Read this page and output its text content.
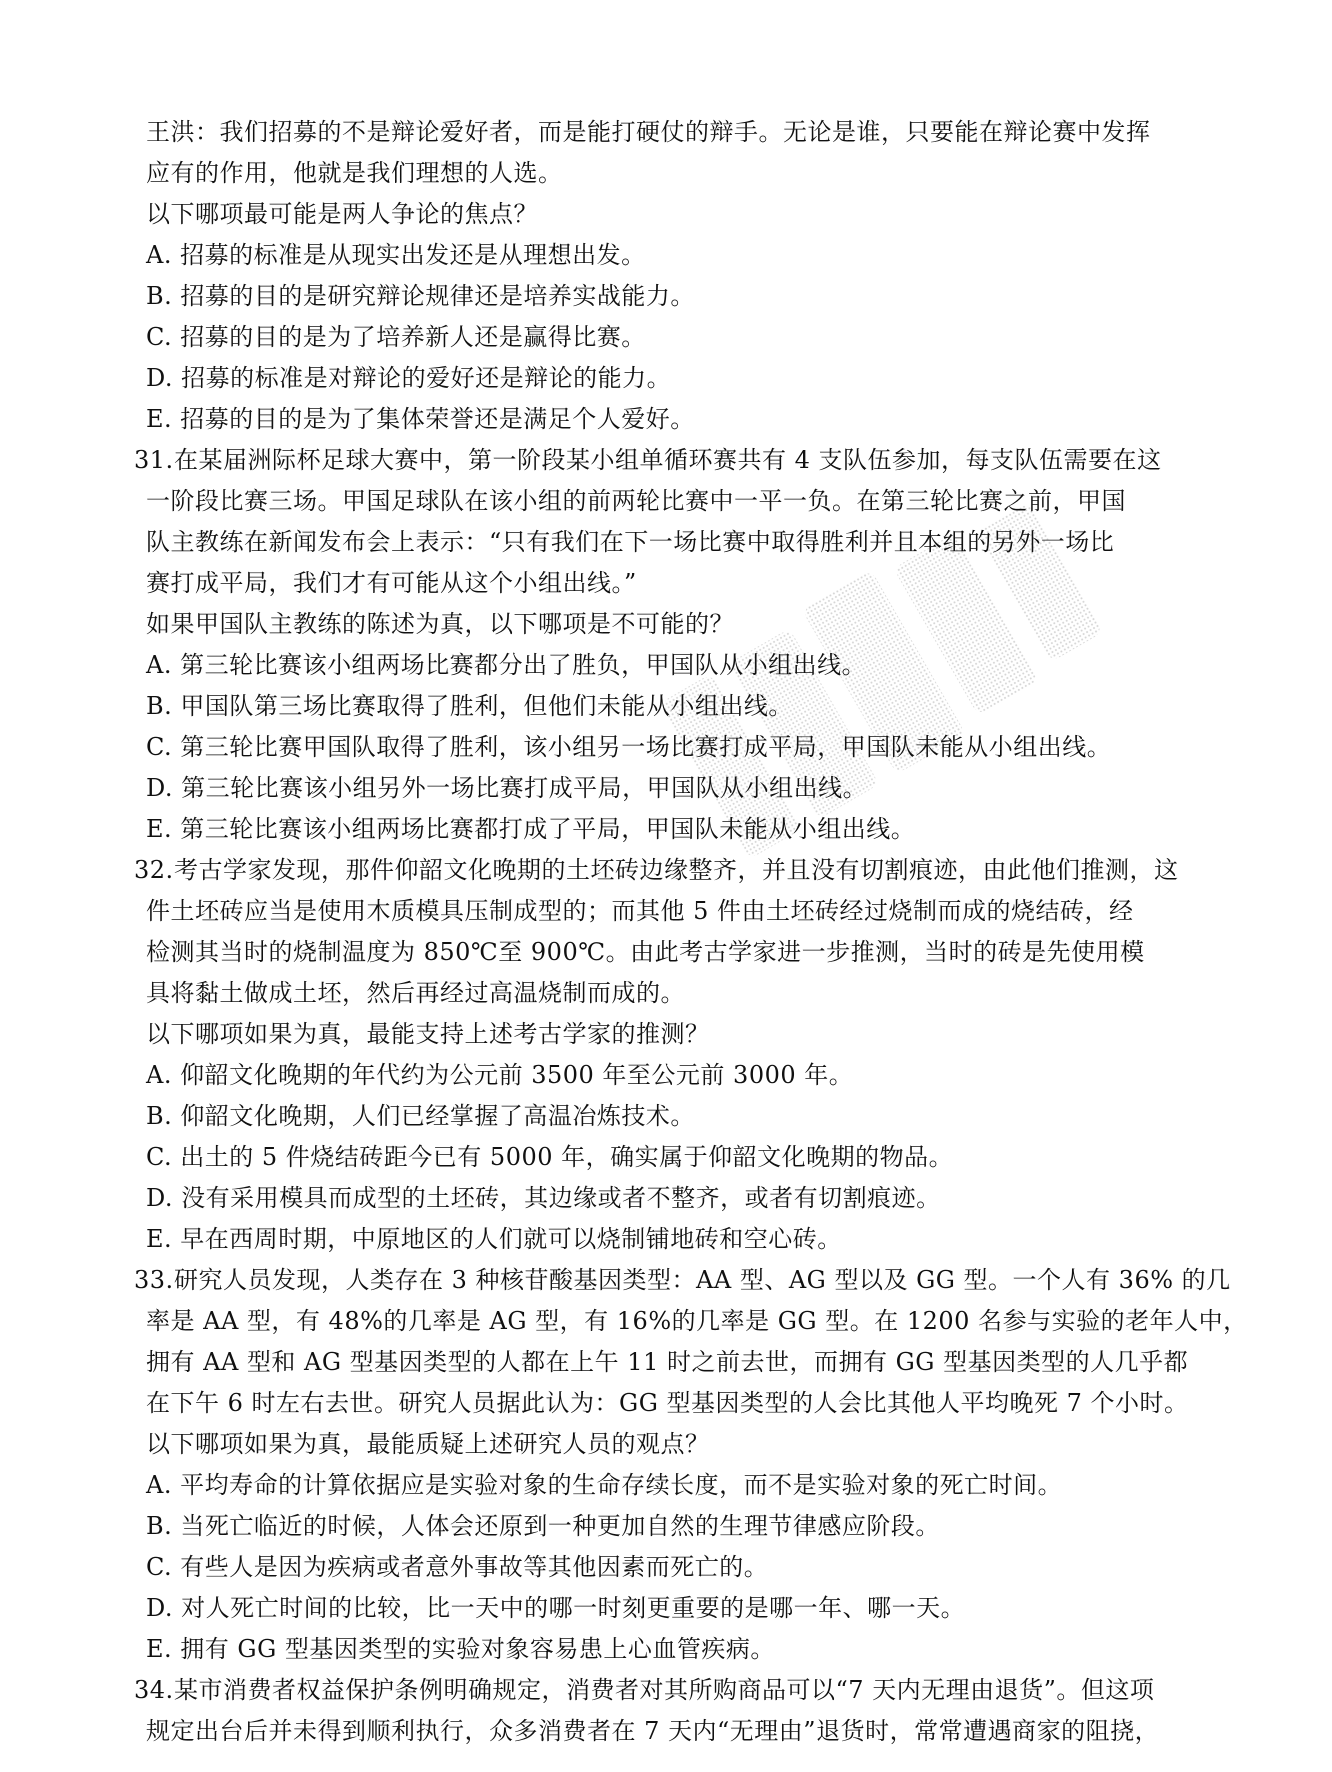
王洪：我们招募的不是辩论爱好者，而是能打硬仗的辩手。无论是谁，只要能在辩论赛中发挥
应有的作用，他就是我们理想的人选。
以下哪项最可能是两人争论的焦点？
A. 招募的标准是从现实出发还是从理想出发。
B. 招募的目的是研究辩论规律还是培养实战能力。
C. 招募的目的是为了培养新人还是赢得比赛。
D. 招募的标准是对辩论的爱好还是辩论的能力。
E. 招募的目的是为了集体荣誉还是满足个人爱好。
31. 在某届洲际杯足球大赛中，第一阶段某小组单循环赛共有 4 支队伍参加，每支队伍需要在这
一阶段比赛三场。甲国足球队在该小组的前两轮比赛中一平一负。在第三轮比赛之前，甲国
队主教练在新闻发布会上表示：“只有我们在下一场比赛中取得胜利并且本组的另外一场比
赛打成平局，我们才有可能从这个小组出线。”
如果甲国队主教练的陈述为真，以下哪项是不可能的？
A. 第三轮比赛该小组两场比赛都分出了胜负，甲国队从小组出线。
B. 甲国队第三场比赛取得了胜利，但他们未能从小组出线。
C. 第三轮比赛甲国队取得了胜利，该小组另一场比赛打成平局，甲国队未能从小组出线。
D. 第三轮比赛该小组另外一场比赛打成平局，甲国队从小组出线。
E. 第三轮比赛该小组两场比赛都打成了平局，甲国队未能从小组出线。
32. 考古学家发现，那件仰韶文化晚期的土坯砖边缘整齐，并且没有切割痕迹，由此他们推测，这
件土坯砖应当是使用木质模具压制成型的；而其他 5 件由土坯砖经过烧制而成的烧结砖，经
检测其当时的烧制温度为 850℃至 900℃。由此考古学家进一步推测，当时的砖是先使用模
具将黏土做成土坯，然后再经过高温烧制而成的。
以下哪项如果为真，最能支持上述考古学家的推测？
A. 仰韶文化晚期的年代约为公元前 3500 年至公元前 3000 年。
B. 仰韶文化晚期，人们已经掌握了高温冶炼技术。
C. 出土的 5 件烧结砖距今已有 5000 年，确实属于仰韶文化晚期的物品。
D. 没有采用模具而成型的土坯砖，其边缘或者不整齐，或者有切割痕迹。
E. 早在西周时期，中原地区的人们就可以烧制铺地砖和空心砖。
33. 研究人员发现，人类存在 3 种核苷酸基因类型：AA 型、AG 型以及 GG 型。一个人有 36% 的几
率是 AA 型，有 48%的几率是 AG 型，有 16%的几率是 GG 型。在 1200 名参与实验的老年人中，
拥有 AA 型和 AG 型基因类型的人都在上午 11 时之前去世，而拥有 GG 型基因类型的人几乎都
在下午 6 时左右去世。研究人员据此认为：GG 型基因类型的人会比其他人平均晚死 7 个小时。
以下哪项如果为真，最能质疑上述研究人员的观点？
A. 平均寿命的计算依据应是实验对象的生命存续长度，而不是实验对象的死亡时间。
B. 当死亡临近的时候，人体会还原到一种更加自然的生理节律感应阶段。
C. 有些人是因为疾病或者意外事故等其他因素而死亡的。
D. 对人死亡时间的比较，比一天中的哪一时刻更重要的是哪一年、哪一天。
E. 拥有 GG 型基因类型的实验对象容易患上心血管疾病。
34. 某市消费者权益保护条例明确规定，消费者对其所购商品可以“7 天内无理由退货”。但这项
规定出台后并未得到顺利执行，众多消费者在 7 天内“无理由”退货时，常常遭遇商家的阻挠，
